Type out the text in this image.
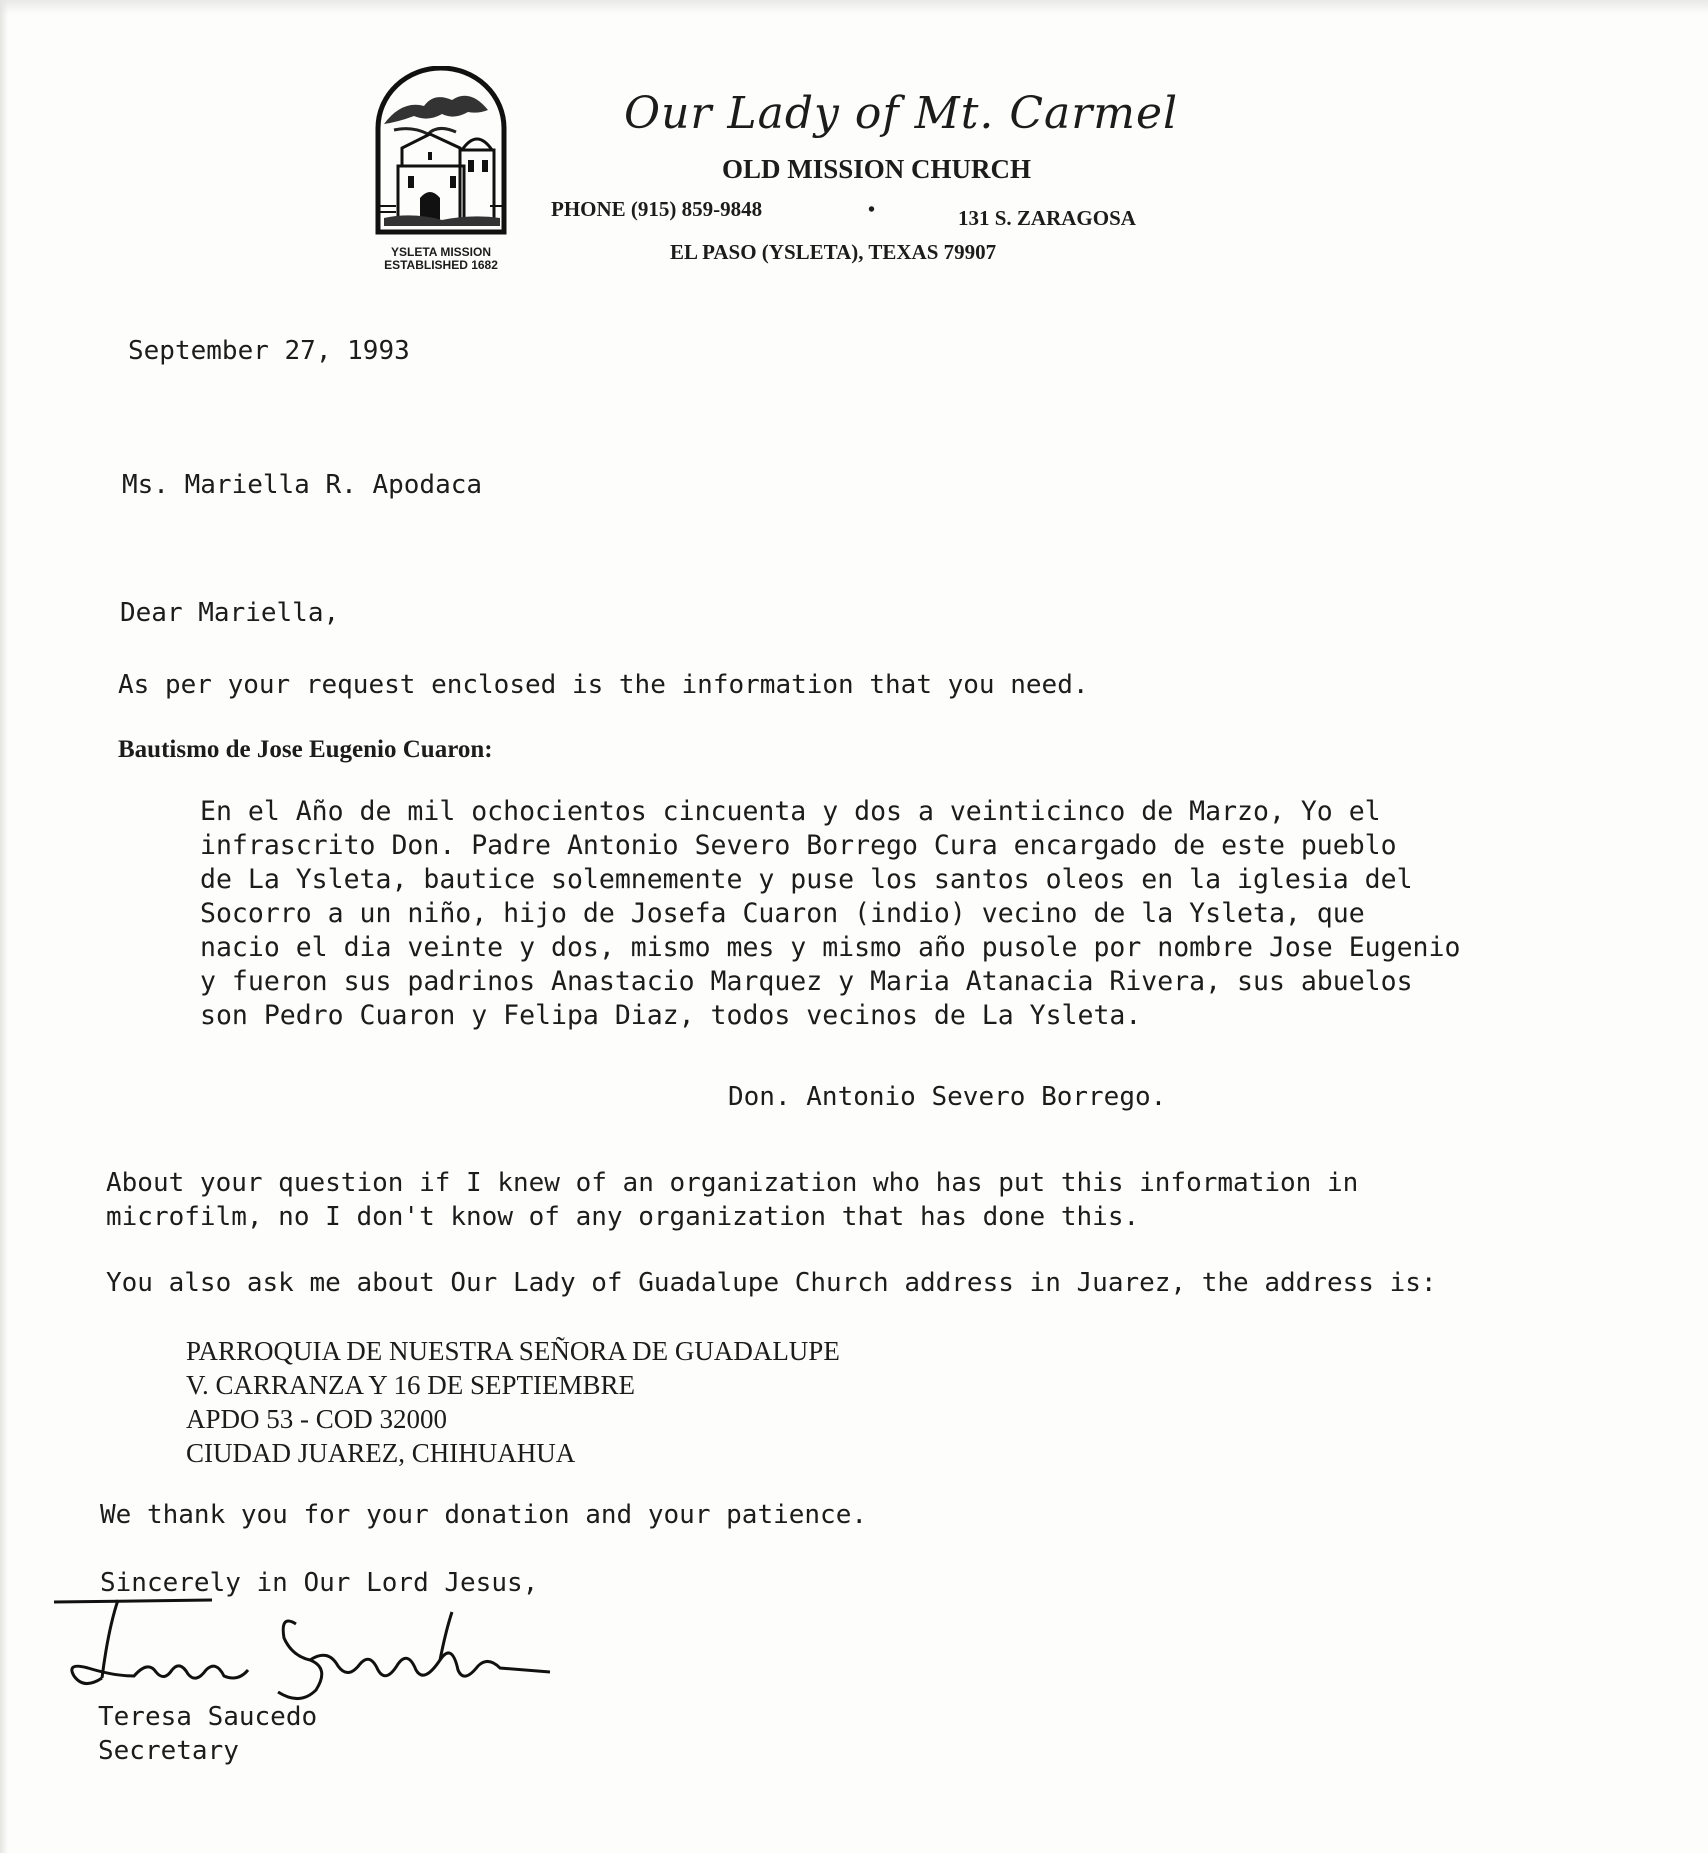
YSLETA MISSION
ESTABLISHED 1682
Our Lady of Mt. Carmel
OLD MISSION CHURCH
PHONE (915) 859-9848	•	131 S. ZARAGOSA
EL PASO (YSLETA), TEXAS 79907
September 27, 1993
Ms. Mariella R. Apodaca
Dear Mariella,
As per your request enclosed is the information that you need.
Bautismo de Jose Eugenio Cuaron:
En el Año de mil ochocientos cincuenta y dos a veinticinco de Marzo, Yo el
infrascrito Don. Padre Antonio Severo Borrego Cura encargado de este pueblo
de La Ysleta, bautice solemnemente y puse los santos oleos en la iglesia del
Socorro a un niño, hijo de Josefa Cuaron (indio) vecino de la Ysleta, que
nacio el dia veinte y dos, mismo mes y mismo año pusole por nombre Jose Eugenio
y fueron sus padrinos Anastacio Marquez y Maria Atanacia Rivera, sus abuelos
son Pedro Cuaron y Felipa Diaz, todos vecinos de La Ysleta.
Don. Antonio Severo Borrego.
About your question if I knew of an organization who has put this information in
microfilm, no I don't know of any organization that has done this.
You also ask me about Our Lady of Guadalupe Church address in Juarez, the address is:
PARROQUIA DE NUESTRA SEÑORA DE GUADALUPE
V. CARRANZA Y 16 DE SEPTIEMBRE
APDO 53 - COD 32000
CIUDAD JUAREZ, CHIHUAHUA
We thank you for your donation and your patience.
Sincerely in Our Lord Jesus,
Teresa Saucedo
Secretary
